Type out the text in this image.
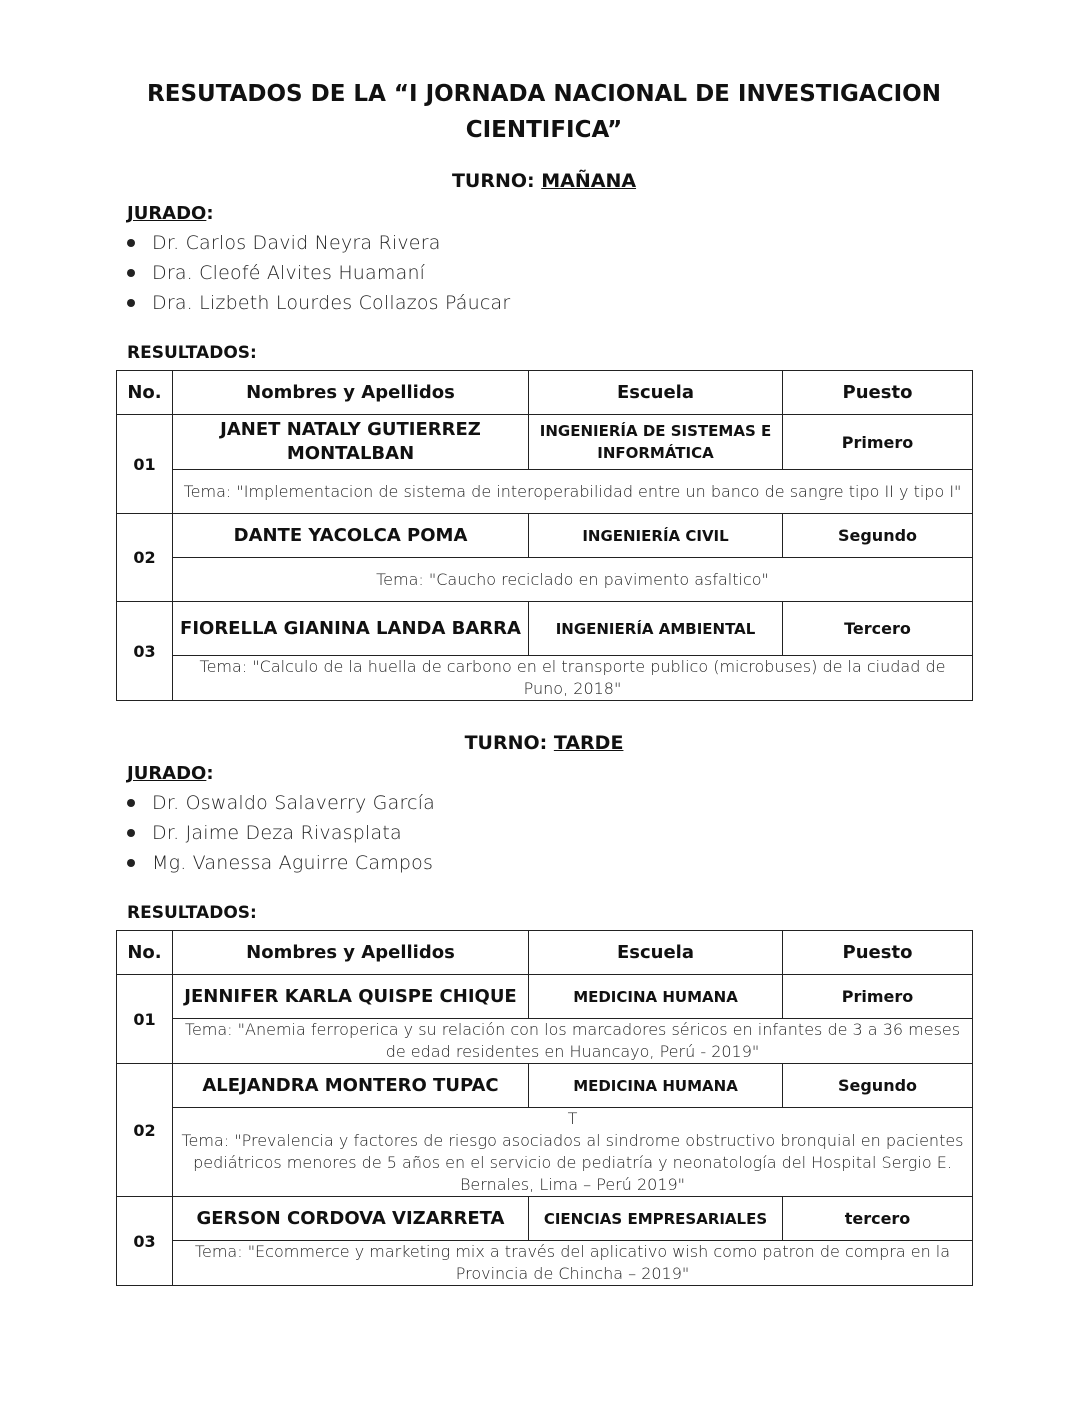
RESUTADOS DE LA “I JORNADA NACIONAL DE INVESTIGACION
CIENTIFICA”
TURNO: MAÑANA
JURADO:
Dr. Carlos David Neyra Rivera
Dra. Cleofé Alvites Huamaní
Dra. Lizbeth Lourdes Collazos Páucar
RESULTADOS:
No.	Nombres y Apellidos	Escuela	Puesto
01	JANET NATALY GUTIERREZ MONTALBAN	INGENIERÍA DE SISTEMAS E INFORMÁTICA	Primero
	Tema: "Implementacion de sistema de interoperabilidad entre un banco de sangre tipo II y tipo I"		
02	DANTE YACOLCA POMA	INGENIERÍA CIVIL	Segundo
	Tema: "Caucho reciclado en pavimento asfaltico"		
03	FIORELLA GIANINA LANDA BARRA	INGENIERÍA AMBIENTAL	Tercero
	Tema: "Calculo de la huella de carbono en el transporte publico (microbuses) de la ciudad de Puno, 2018"		
TURNO: TARDE
JURADO:
Dr. Oswaldo Salaverry García
Dr. Jaime Deza Rivasplata
Mg. Vanessa Aguirre Campos
RESULTADOS:
No.	Nombres y Apellidos	Escuela	Puesto
01	JENNIFER KARLA QUISPE CHIQUE	MEDICINA HUMANA	Primero
	Tema: "Anemia ferroperica y su relación con los marcadores séricos en infantes de 3 a 36 meses de edad residentes en Huancayo, Perú - 2019"		
02	ALEJANDRA MONTERO TUPAC	MEDICINA HUMANA	Segundo

	T
Tema: "Prevalencia y factores de riesgo asociados al sindrome obstructivo bronquial en pacientes pediátricos menores de 5 años en el servicio de pediatría y neonatología del Hospital Sergio E. Bernales, Lima – Perú 2019"		
03	GERSON CORDOVA VIZARRETA	CIENCIAS EMPRESARIALES	tercero
	Tema: "Ecommerce y marketing mix a través del aplicativo wish como patron de compra en la Provincia de Chincha – 2019"		
